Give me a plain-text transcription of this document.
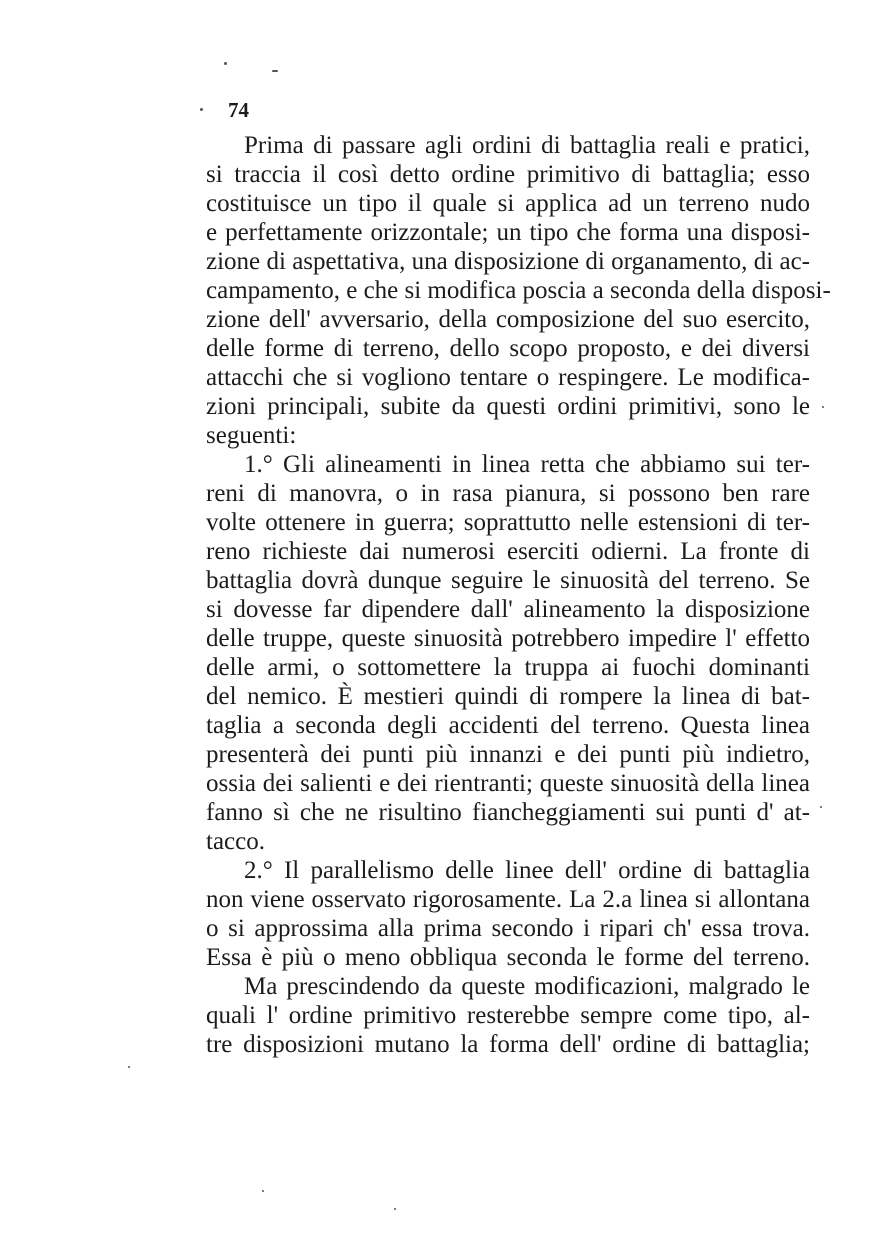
74
Prima di passare agli ordini di battaglia reali e pratici,
si traccia il così detto ordine primitivo di battaglia; esso
costituisce un tipo il quale si applica ad un terreno nudo
e perfettamente orizzontale; un tipo che forma una disposi-
zione di aspettativa, una disposizione di organamento, di ac-
campamento, e che si modifica poscia a seconda della disposi-
zione dell' avversario, della composizione del suo esercito,
delle forme di terreno, dello scopo proposto, e dei diversi
attacchi che si vogliono tentare o respingere. Le modifica-
zioni principali, subite da questi ordini primitivi, sono le
seguenti:
1.° Gli alineamenti in linea retta che abbiamo sui ter-
reni di manovra, o in rasa pianura, si possono ben rare
volte ottenere in guerra; soprattutto nelle estensioni di ter-
reno richieste dai numerosi eserciti odierni. La fronte di
battaglia dovrà dunque seguire le sinuosità del terreno. Se
si dovesse far dipendere dall' alineamento la disposizione
delle truppe, queste sinuosità potrebbero impedire l' effetto
delle armi, o sottomettere la truppa ai fuochi dominanti
del nemico. È mestieri quindi di rompere la linea di bat-
taglia a seconda degli accidenti del terreno. Questa linea
presenterà dei punti più innanzi e dei punti più indietro,
ossia dei salienti e dei rientranti; queste sinuosità della linea
fanno sì che ne risultino fiancheggiamenti sui punti d' at-
tacco.
2.° Il parallelismo delle linee dell' ordine di battaglia
non viene osservato rigorosamente. La 2.a linea si allontana
o si approssima alla prima secondo i ripari ch' essa trova.
Essa è più o meno obbliqua seconda le forme del terreno.
Ma prescindendo da queste modificazioni, malgrado le
quali l' ordine primitivo resterebbe sempre come tipo, al-
tre disposizioni mutano la forma dell' ordine di battaglia;
